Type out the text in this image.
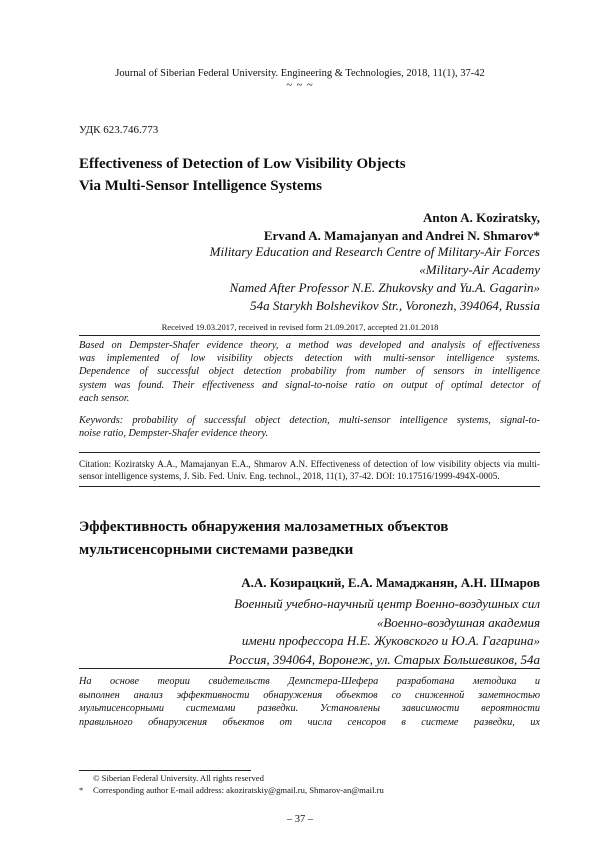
Journal of Siberian Federal University. Engineering & Technologies, 2018, 11(1), 37-42
~ ~ ~
УДК 623.746.773
Effectiveness of Detection of Low Visibility Objects
Via Multi-Sensor Intelligence Systems
Anton A. Koziratsky,
Ervand A. Mamajanyan and Andrei N. Shmarov*
Military Education and Research Centre of Military-Air Forces
«Military-Air Academy
Named After Professor N.E. Zhukovsky and Yu.A. Gagarin»
54a Starykh Bolshevikov Str., Voronezh, 394064, Russia
Received 19.03.2017, received in revised form 21.09.2017, accepted 21.01.2018
Based on Dempster-Shafer evidence theory, a method was developed and analysis of effectiveness
was implemented of low visibility objects detection with multi-sensor intelligence systems.
Dependence of successful object detection probability from number of sensors in intelligence
system was found. Their effectiveness and signal-to-noise ratio on output of optimal detector of
each sensor.
Keywords: probability of successful object detection, multi-sensor intelligence systems, signal-to-
noise ratio, Dempster-Shafer evidence theory.
Citation: Koziratsky A.A., Mamajanyan E.A., Shmarov A.N. Effectiveness of detection of low visibility objects via multi-
sensor intelligence systems, J. Sib. Fed. Univ. Eng. technol., 2018, 11(1), 37-42. DOI: 10.17516/1999-494X-0005.
Эффективность обнаружения малозаметных объектов
мультисенсорными системами разведки
А.А. Козирацкий, Е.А. Мамаджанян, А.Н. Шмаров
Военный учебно-научный центр Военно-воздушных сил
«Военно-воздушная академия
имени профессора Н.Е. Жуковского и Ю.А. Гагарина»
Россия, 394064, Воронеж, ул. Старых Большевиков, 54а
На основе теории свидетельств Демпстера-Шефера разработана методика и
выполнен анализ эффективности обнаружения объектов со сниженной заметностью
мультисенсорными системами разведки. Установлены зависимости вероятности
правильного обнаружения объектов от числа сенсоров в системе разведки, их
© Siberian Federal University. All rights reserved
* Corresponding author E-mail address: akoziratskiy@gmail.ru, Shmarov-an@mail.ru
– 37 –
